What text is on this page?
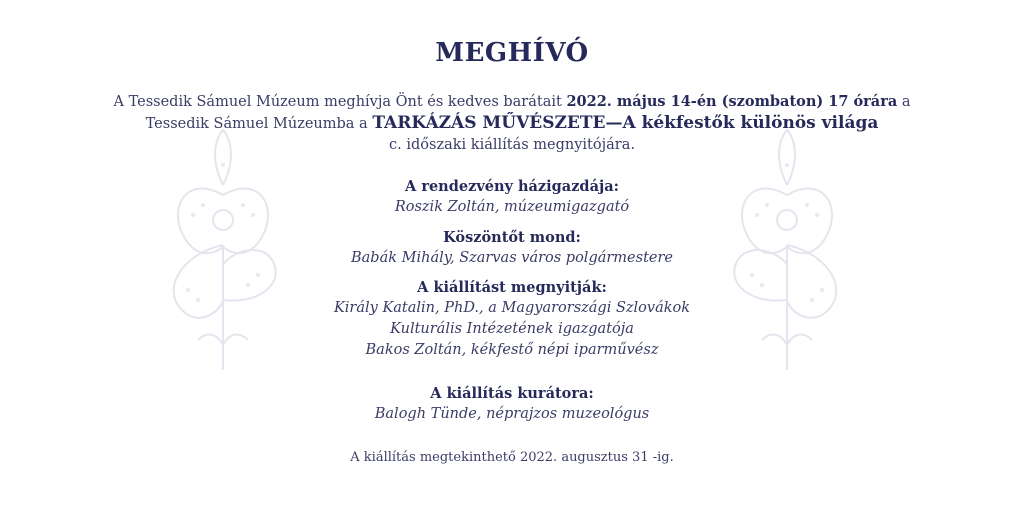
MEGHÍVÓ
A Tessedik Sámuel Múzeum meghívja Önt és kedves barátait 2022. május 14-én (szombaton) 17 órára a
Tessedik Sámuel Múzeumba a TARKÁZÁS MŰVÉSZETE—A kékfestők különös világa
c. időszaki kiállítás megnyitójára.
A rendezvény házigazdája:
Roszik Zoltán, múzeumigazgató
Köszöntőt mond:
Babák Mihály, Szarvas város polgármestere
A kiállítást megnyitják:
Király Katalin, PhD., a Magyarországi Szlovákok
Kulturális Intézetének igazgatója
Bakos Zoltán, kékfestő népi iparművész
A kiállítás kurátora:
Balogh Tünde, néprajzos muzeológus
A kiállítás megtekinthető 2022. augusztus 31 -ig.
